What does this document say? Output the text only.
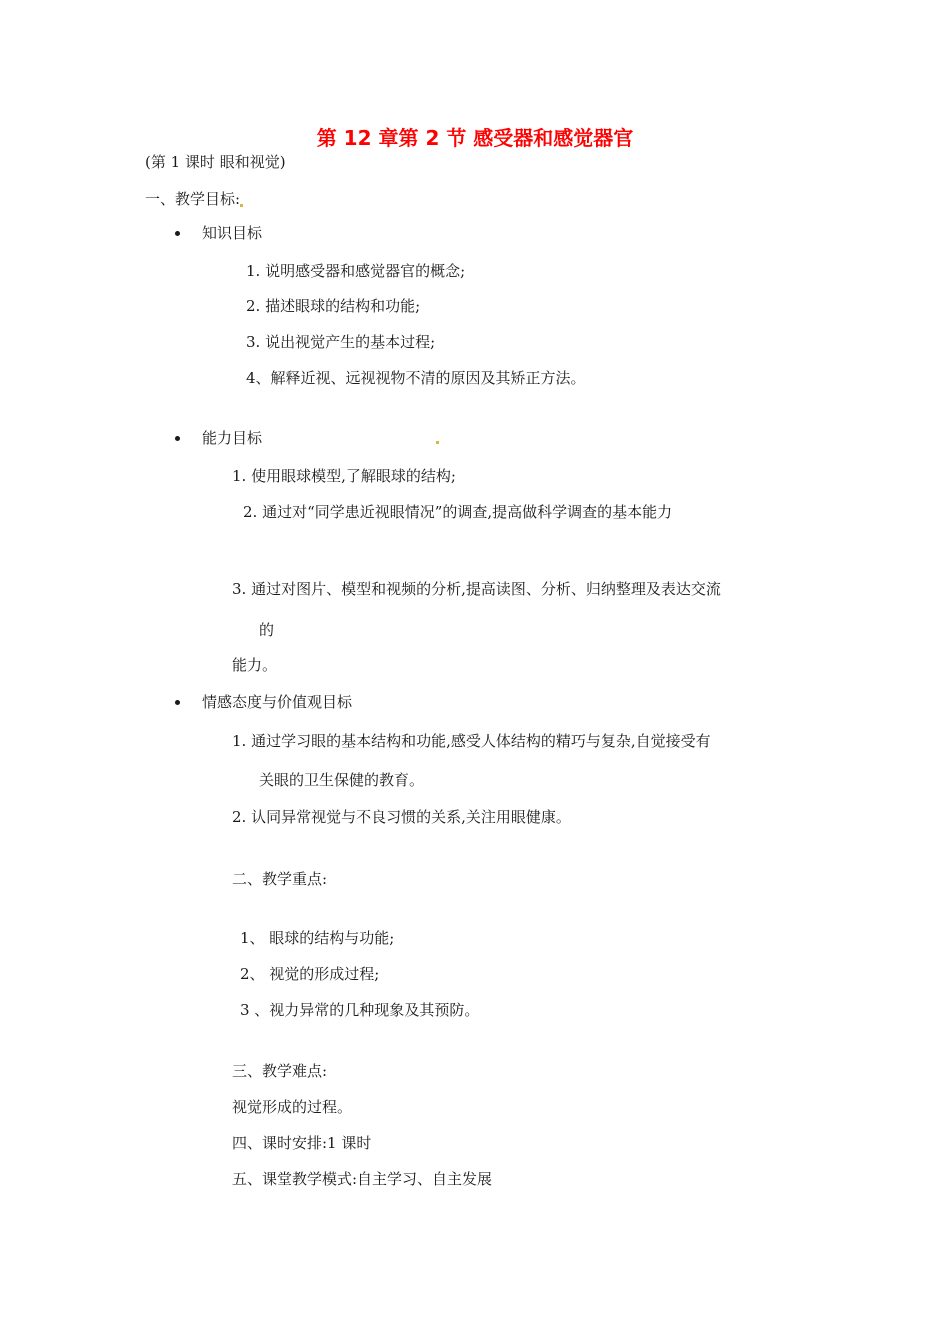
第 12 章第 2 节 感受器和感觉器官
(第 1 课时 眼和视觉)
一、教学目标:
知识目标
1. 说明感受器和感觉器官的概念;
2. 描述眼球的结构和功能;
3. 说出视觉产生的基本过程;
4、解释近视、远视视物不清的原因及其矫正方法。
能力目标
1. 使用眼球模型,了解眼球的结构;
2. 通过对“同学患近视眼情况”的调查,提高做科学调查的基本能力
3. 通过对图片、模型和视频的分析,提高读图、分析、归纳整理及表达交流
的
能力。
情感态度与价值观目标
1. 通过学习眼的基本结构和功能,感受人体结构的精巧与复杂,自觉接受有
关眼的卫生保健的教育。
2. 认同异常视觉与不良习惯的关系,关注用眼健康。
二、教学重点:
1、 眼球的结构与功能;
2、 视觉的形成过程;
3 、视力异常的几种现象及其预防。
三、教学难点:
视觉形成的过程。
四、课时安排:1 课时
五、课堂教学模式:自主学习、自主发展
